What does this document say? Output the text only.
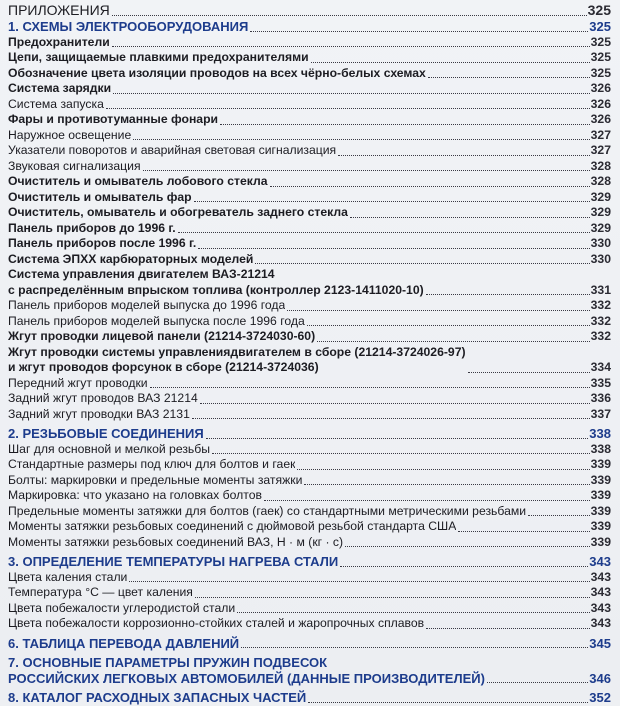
ПРИЛОЖЕНИЯ	325
1. СХЕМЫ ЭЛЕКТРООБОРУДОВАНИЯ	325
Предохранители	325
Цепи, защищаемые плавкими предохранителями	325
Обозначение цвета изоляции проводов на всех чёрно-белых схемах	325
Система зарядки	326
Система запуска	326
Фары и противотуманные фонари	326
Наружное освещение	327
Указатели поворотов и аварийная световая сигнализация	327
Звуковая сигнализация	328
Очиститель и омыватель лобового стекла	328
Очиститель и омыватель фар	329
Очиститель, омыватель и обогреватель заднего стекла	329
Панель приборов до 1996 г.	329
Панель приборов после 1996 г.	330
Система ЭПХХ карбюраторных моделей	330
Система управления двигателем ВАЗ-21214
с распределённым впрыском топлива (контроллер 2123-1411020-10)	331
Панель приборов моделей выпуска до 1996 года	332
Панель приборов моделей выпуска после 1996 года	332
Жгут проводки лицевой панели (21214-3724030-60)	332
Жгут проводки системы управлениядвигателем в сборе (21214-3724026-97)
и жгут проводов форсунок в сборе (21214-3724036)	334
Передний жгут проводки	335
Задний жгут проводов ВАЗ 21214	336
Задний жгут проводки ВАЗ 2131	337
2. РЕЗЬБОВЫЕ СОЕДИНЕНИЯ	338
Шаг для основной и мелкой резьбы	338
Стандартные размеры под ключ для болтов и гаек	339
Болты: маркировки и предельные моменты затяжки	339
Маркировка: что указано на головках болтов	339
Предельные моменты затяжки для болтов (гаек) со стандартными метрическими резьбами	339
Моменты затяжки резьбовых соединений с дюймовой резьбой стандарта США	339
Моменты затяжки резьбовых соединений ВАЗ, Н · м (кг · с)	339
3. ОПРЕДЕЛЕНИЕ ТЕМПЕРАТУРЫ НАГРЕВА СТАЛИ	343
Цвета каления стали	343
Температура °С — цвет каления	343
Цвета побежалости углеродистой стали	343
Цвета побежалости коррозионно-стойких сталей и жаропрочных сплавов	343
6. ТАБЛИЦА ПЕРЕВОДА ДАВЛЕНИЙ	345
7. ОСНОВНЫЕ ПАРАМЕТРЫ ПРУЖИН ПОДВЕСОК
РОССИЙСКИХ ЛЕГКОВЫХ АВТОМОБИЛЕЙ (ДАННЫЕ ПРОИЗВОДИТЕЛЕЙ)	346
8. КАТАЛОГ РАСХОДНЫХ ЗАПАСНЫХ ЧАСТЕЙ	352
